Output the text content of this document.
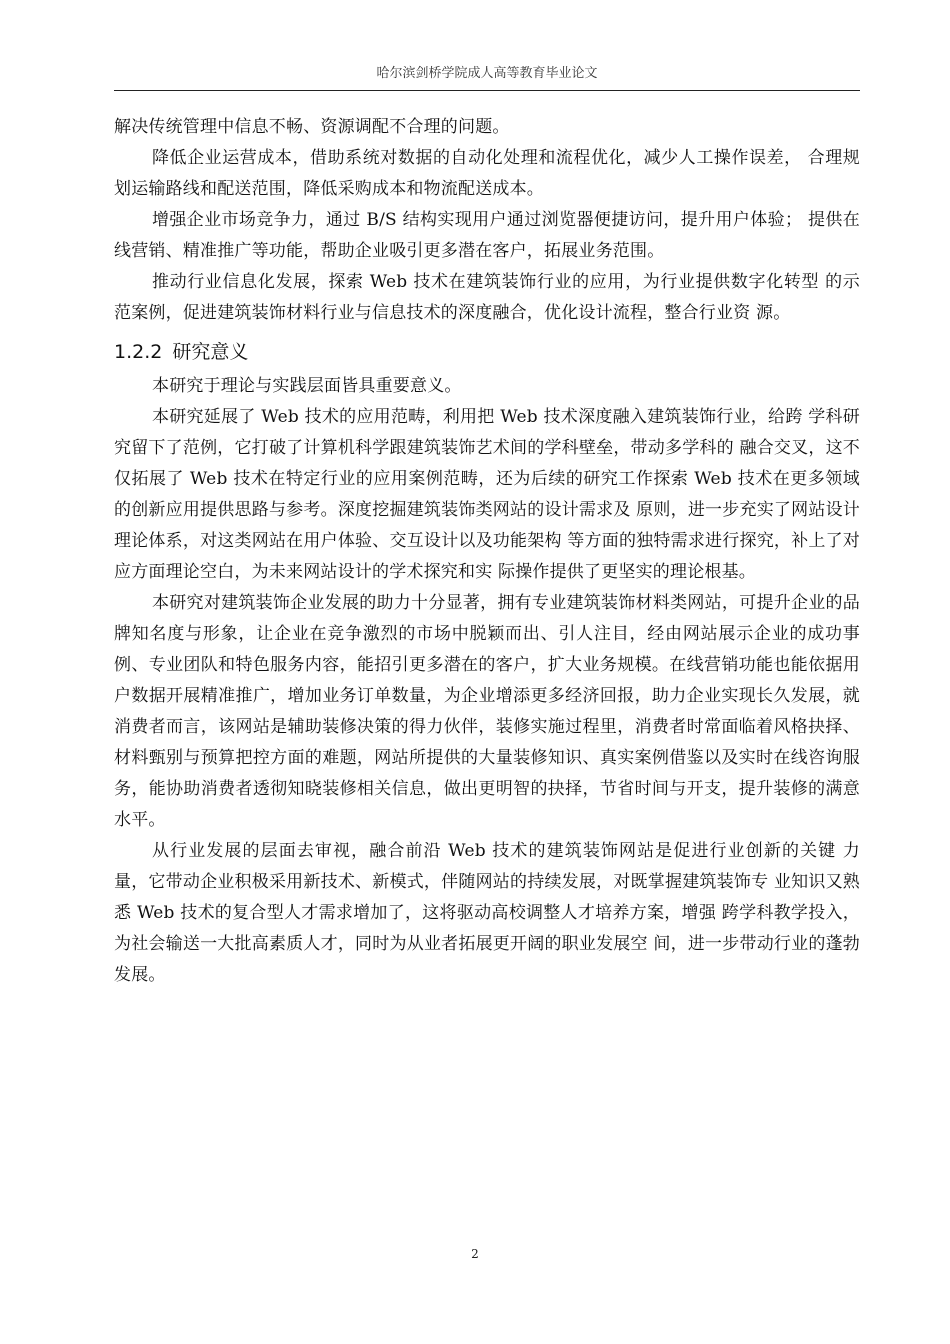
哈尔滨剑桥学院成人高等教育毕业论文

解决传统管理中信息不畅、资源调配不合理的问题。

降低企业运营成本，借助系统对数据的自动化处理和流程优化，减少人工操作误差， 合理规划运输路线和配送范围，降低采购成本和物流配送成本。

增强企业市场竞争力，通过 B/S 结构实现用户通过浏览器便捷访问，提升用户体验； 提供在线营销、精准推广等功能，帮助企业吸引更多潜在客户，拓展业务范围。

推动行业信息化发展，探索 Web 技术在建筑装饰行业的应用，为行业提供数字化转型 的示范案例，促进建筑装饰材料行业与信息技术的深度融合，优化设计流程，整合行业资 源。

1.2.2 研究意义

本研究于理论与实践层面皆具重要意义。

本研究延展了 Web 技术的应用范畴，利用把 Web 技术深度融入建筑装饰行业，给跨 学科研究留下了范例，它打破了计算机科学跟建筑装饰艺术间的学科壁垒，带动多学科的 融合交叉，这不仅拓展了 Web 技术在特定行业的应用案例范畴，还为后续的研究工作探索 Web 技术在更多领域的创新应用提供思路与参考。深度挖掘建筑装饰类网站的设计需求及 原则，进一步充实了网站设计理论体系，对这类网站在用户体验、交互设计以及功能架构 等方面的独特需求进行探究，补上了对应方面理论空白，为未来网站设计的学术探究和实 际操作提供了更坚实的理论根基。

本研究对建筑装饰企业发展的助力十分显著，拥有专业建筑装饰材料类网站，可提升企业的品牌知名度与形象，让企业在竞争激烈的市场中脱颖而出、引人注目，经由网站展示企业的成功事例、专业团队和特色服务内容，能招引更多潜在的客户，扩大业务规模。在线营销功能也能依据用户数据开展精准推广，增加业务订单数量，为企业增添更多经济回报，助力企业实现长久发展，就消费者而言，该网站是辅助装修决策的得力伙伴，装修实施过程里，消费者时常面临着风格抉择、材料甄别与预算把控方面的难题，网站所提供的大量装修知识、真实案例借鉴以及实时在线咨询服务，能协助消费者透彻知晓装修相关信息，做出更明智的抉择，节省时间与开支，提升装修的满意水平。

从行业发展的层面去审视，融合前沿 Web 技术的建筑装饰网站是促进行业创新的关键 力量，它带动企业积极采用新技术、新模式，伴随网站的持续发展，对既掌握建筑装饰专 业知识又熟悉 Web 技术的复合型人才需求增加了，这将驱动高校调整人才培养方案，增强 跨学科教学投入，为社会输送一大批高素质人才，同时为从业者拓展更开阔的职业发展空 间，进一步带动行业的蓬勃发展。

2
